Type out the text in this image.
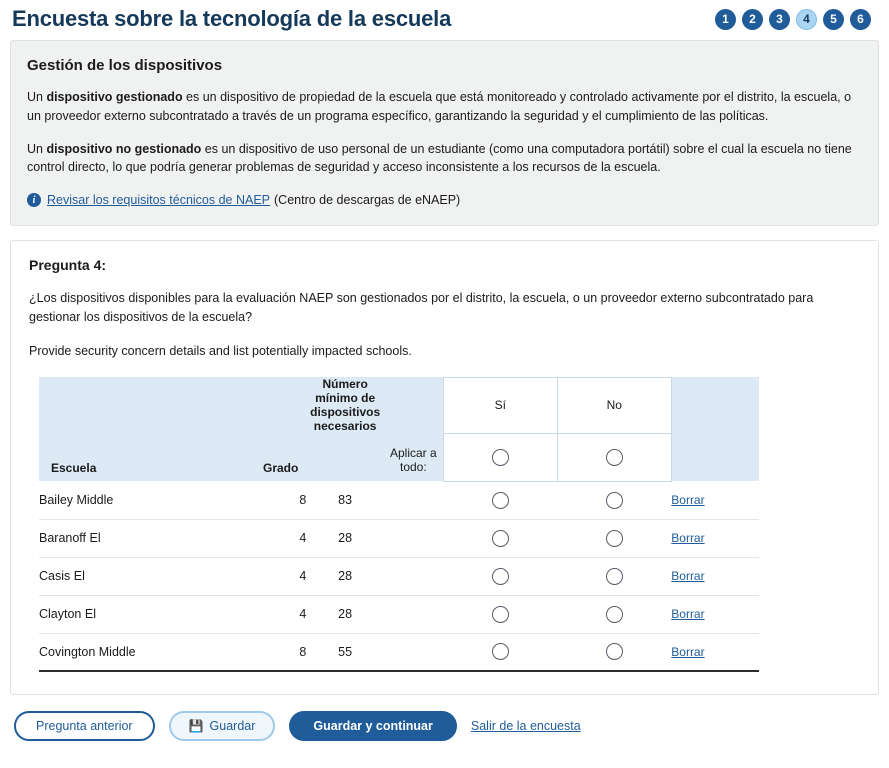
Encuesta sobre la tecnología de la escuela	1	2	3	4	5	6
Gestión de los dispositivos

Un dispositivo gestionado es un dispositivo de propiedad de la escuela que está monitoreado y controlado activamente por el distrito, la escuela, o un proveedor externo subcontratado a través de un programa específico, garantizando la seguridad y el cumplimiento de las políticas.

Un dispositivo no gestionado es un dispositivo de uso personal de un estudiante (como una computadora portátil) sobre el cual la escuela no tiene control directo, lo que podría generar problemas de seguridad y acceso inconsistente a los recursos de la escuela.

i Revisar los requisitos técnicos de NAEP (Centro de descargas de eNAEP)
Pregunta 4:

¿Los dispositivos disponibles para la evaluación NAEP son gestionados por el distrito, la escuela, o un proveedor externo subcontratado para gestionar los dispositivos de la escuela?

Provide security concern details and list potentially impacted schools.

		Número mínimo de dispositivos necesarios		Sí	No	
Escuela	Grado		Aplicar a todo:			
Bailey Middle	8	83				Borrar
Baranoff El	4	28				Borrar
Casis El	4	28				Borrar
Clayton El	4	28				Borrar
Covington Middle	8	55				Borrar
Pregunta anterior	💾 Guardar	Guardar y continuar	Salir de la encuesta
